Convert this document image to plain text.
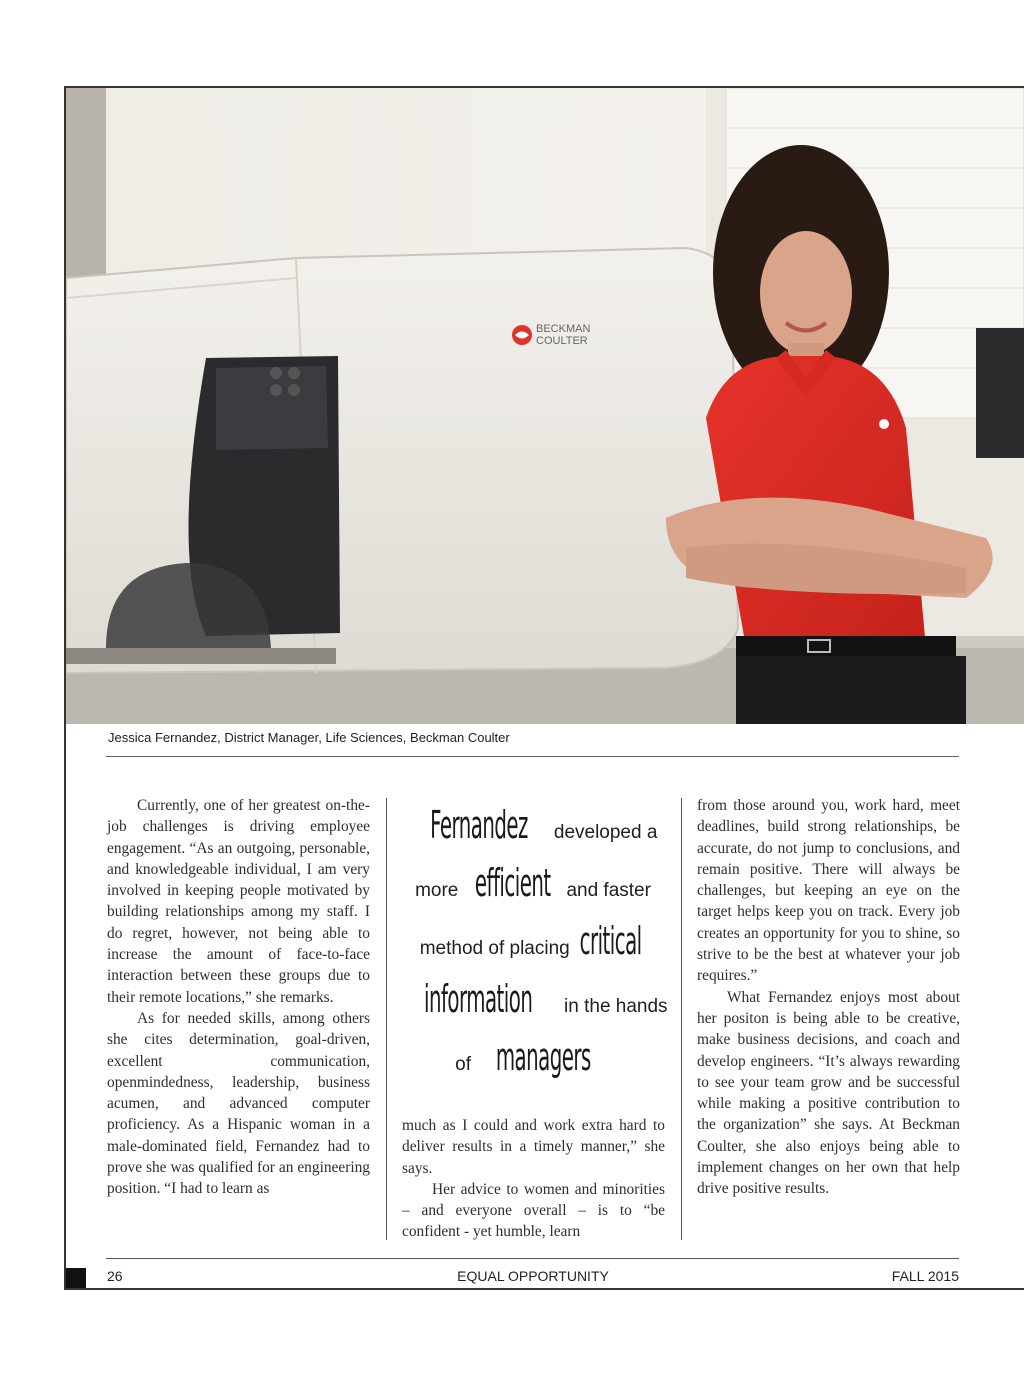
BECKMAN
COULTER
Jessica Fernandez, District Manager, Life Sciences, Beckman Coulter

Currently, one of her greatest on-the-job challenges is driving employee engagement. “As an outgoing, personable, and knowledgeable individual, I am very involved in keeping people motivated by building relationships among my staff. I do regret, however, not being able to increase the amount of face-to-face interaction between these groups due to their remote locations,” she remarks.

As for needed skills, among others she cites determination, goal-driven, excellent communication, openmindedness, leadership, business acumen, and advanced computer proficiency. As a Hispanic woman in a male-dominated field, Fernandez had to prove she was qualified for an engineering position. “I had to learn as

Fernandez developed a
more efficient and faster
method of placing critical
information in the hands
of managers

much as I could and work extra hard to deliver results in a timely manner,” she says.

Her advice to women and minorities – and everyone overall – is to “be confident - yet humble, learn

from those around you, work hard, meet deadlines, build strong relationships, be accurate, do not jump to conclusions, and remain positive. There will always be challenges, but keeping an eye on the target helps keep you on track. Every job creates an opportunity for you to shine, so strive to be the best at whatever your job requires.”

What Fernandez enjoys most about her positon is being able to be creative, make business decisions, and coach and develop engineers. “It’s always rewarding to see your team grow and be successful while making a positive contribution to the organization” she says. At Beckman Coulter, she also enjoys being able to implement changes on her own that help drive positive results.

26	EQUAL OPPORTUNITY	FALL 2015
